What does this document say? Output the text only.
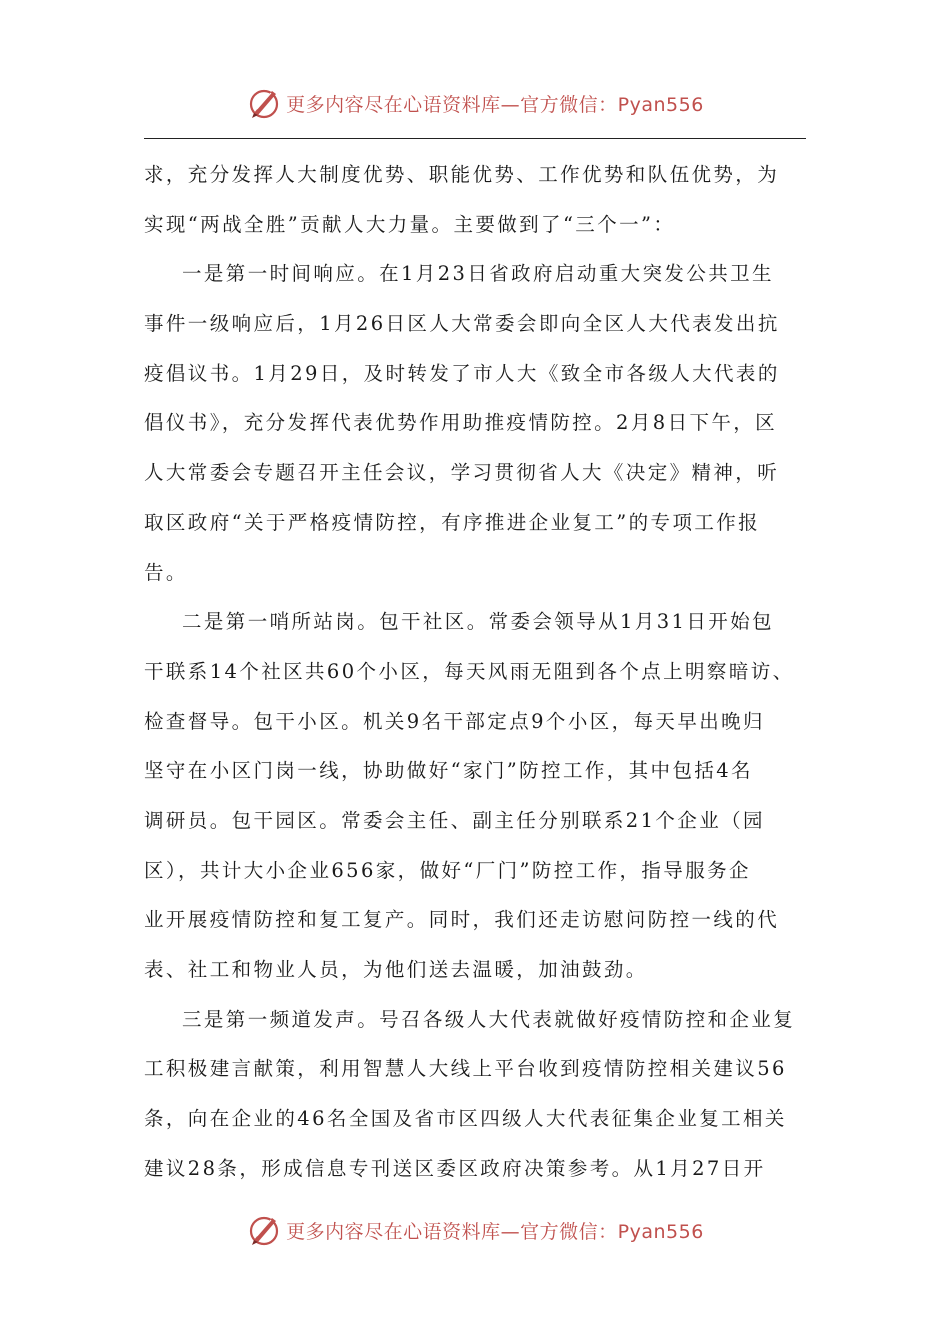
更多内容尽在心语资料库—官方微信：Pyan556
求，充分发挥人大制度优势、职能优势、工作优势和队伍优势，为
实现“两战全胜”贡献人大力量。主要做到了“三个一”：
一是第一时间响应。在1月23日省政府启动重大突发公共卫生
事件一级响应后，1月26日区人大常委会即向全区人大代表发出抗
疫倡议书。1月29日，及时转发了市人大《致全市各级人大代表的
倡仪书》，充分发挥代表优势作用助推疫情防控。2月8日下午，区
人大常委会专题召开主任会议，学习贯彻省人大《决定》精神，听
取区政府“关于严格疫情防控，有序推进企业复工”的专项工作报
告。
二是第一哨所站岗。包干社区。常委会领导从1月31日开始包
干联系14个社区共60个小区，每天风雨无阻到各个点上明察暗访、
检查督导。包干小区。机关9名干部定点9个小区，每天早出晚归
坚守在小区门岗一线，协助做好“家门”防控工作，其中包括4名
调研员。包干园区。常委会主任、副主任分别联系21个企业（园
区），共计大小企业656家，做好“厂门”防控工作，指导服务企
业开展疫情防控和复工复产。同时，我们还走访慰问防控一线的代
表、社工和物业人员，为他们送去温暖，加油鼓劲。
三是第一频道发声。号召各级人大代表就做好疫情防控和企业复
工积极建言献策，利用智慧人大线上平台收到疫情防控相关建议56
条，向在企业的46名全国及省市区四级人大代表征集企业复工相关
建议28条，形成信息专刊送区委区政府决策参考。从1月27日开
更多内容尽在心语资料库—官方微信：Pyan556
